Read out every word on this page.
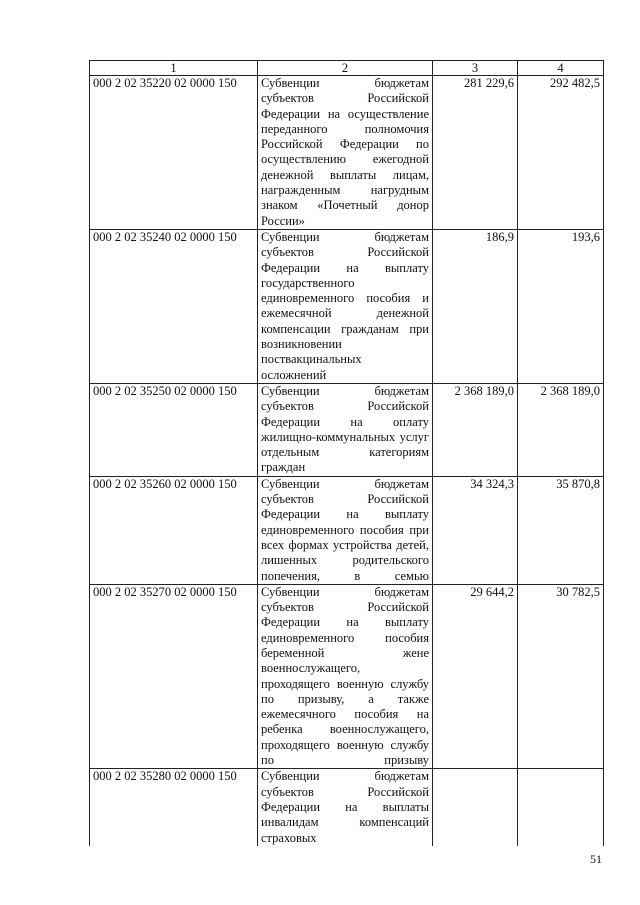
1	2	3	4
000 2 02 35220 02 0000 150	Субвенции бюджетам субъектов Российской Федерации на осуществление переданного полномочия Российской Федерации по осуществлению ежегодной денежной выплаты лицам, награжденным нагрудным знаком «Почетный донор России»	281 229,6	292 482,5
000 2 02 35240 02 0000 150	Субвенции бюджетам субъектов Российской Федерации на выплату государственного единовременного пособия и ежемесячной денежной компенсации гражданам при возникновении поствакцинальных осложнений	186,9	193,6
000 2 02 35250 02 0000 150	Субвенции бюджетам субъектов Российской Федерации на оплату жилищно-коммунальных услуг отдельным категориям граждан	2 368 189,0	2 368 189,0
000 2 02 35260 02 0000 150	Субвенции бюджетам субъектов Российской Федерации на выплату единовременного пособия при всех формах устройства детей, лишенных родительского попечения, в семью	34 324,3	35 870,8
000 2 02 35270 02 0000 150	Субвенции бюджетам субъектов Российской Федерации на выплату единовременного пособия беременной жене военнослужащего, проходящего военную службу по призыву, а также ежемесячного пособия на ребенка военнослужащего, проходящего военную службу по призыву	29 644,2	30 782,5
000 2 02 35280 02 0000 150	Субвенции бюджетам субъектов Российской Федерации на выплаты инвалидам компенсаций страховых		
51
